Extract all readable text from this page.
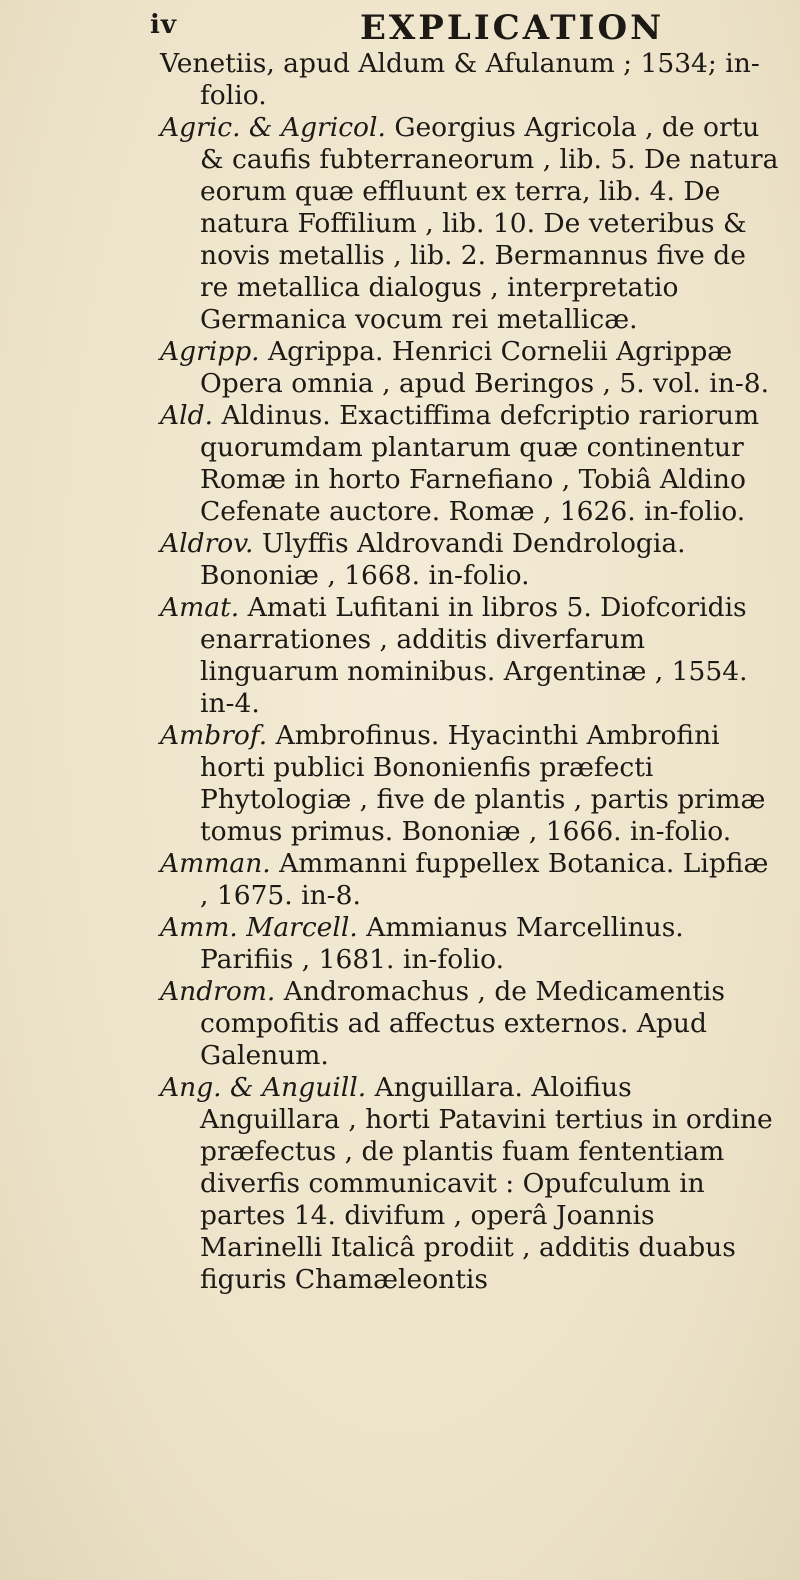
iv	EXPLICATION

Venetiis, apud Aldum & Afulanum ; 1534; in-folio.

Agric. & Agricol. Georgius Agricola , de ortu & caufis fubterraneorum , lib. 5. De natura eorum quæ effluunt ex terra, lib. 4. De natura Foffilium , lib. 10. De veteribus & novis metallis , lib. 2. Bermannus five de re metallica dialogus , interpretatio Germanica vocum rei metallicæ.

Agripp. Agrippa. Henrici Cornelii Agrippæ Opera omnia , apud Beringos , 5. vol. in-8.

Ald. Aldinus. Exactiffima defcriptio rariorum quorumdam plantarum quæ continentur Romæ in horto Farnefiano , Tobiâ Aldino Cefenate auctore. Romæ , 1626. in-folio.

Aldrov. Ulyffis Aldrovandi Dendrologia. Bononiæ , 1668. in-folio.

Amat. Amati Lufitani in libros 5. Diofcoridis enarrationes , additis diverfarum linguarum nominibus. Argentinæ , 1554. in-4.

Ambrof. Ambrofinus. Hyacinthi Ambrofini horti publici Bononienfis præfecti Phytologiæ , five de plantis , partis primæ tomus primus. Bononiæ , 1666. in-folio.

Amman. Ammanni fuppellex Botanica. Lipfiæ , 1675. in-8.

Amm. Marcell. Ammianus Marcellinus. Parifiis , 1681. in-folio.

Androm. Andromachus , de Medicamentis compofitis ad affectus externos. Apud Galenum.

Ang. & Anguill. Anguillara. Aloifius Anguillara , horti Patavini tertius in ordine præfectus , de plantis fuam fententiam diverfis communicavit : Opufculum in partes 14. divifum , operâ Joannis Marinelli Italicâ prodiit , additis duabus figuris Chamæleontis
